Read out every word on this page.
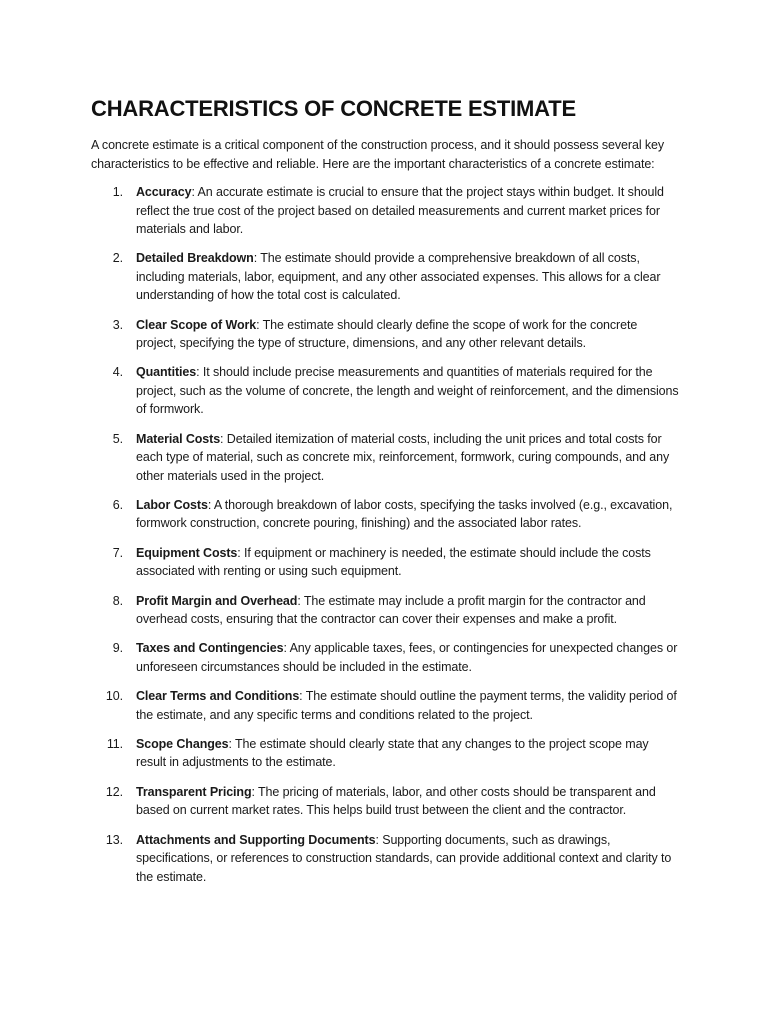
CHARACTERISTICS OF CONCRETE ESTIMATE

A concrete estimate is a critical component of the construction process, and it should possess several key characteristics to be effective and reliable. Here are the important characteristics of a concrete estimate:

1. Accuracy: An accurate estimate is crucial to ensure that the project stays within budget. It should reflect the true cost of the project based on detailed measurements and current market prices for materials and labor.
2. Detailed Breakdown: The estimate should provide a comprehensive breakdown of all costs, including materials, labor, equipment, and any other associated expenses. This allows for a clear understanding of how the total cost is calculated.
3. Clear Scope of Work: The estimate should clearly define the scope of work for the concrete project, specifying the type of structure, dimensions, and any other relevant details.
4. Quantities: It should include precise measurements and quantities of materials required for the project, such as the volume of concrete, the length and weight of reinforcement, and the dimensions of formwork.
5. Material Costs: Detailed itemization of material costs, including the unit prices and total costs for each type of material, such as concrete mix, reinforcement, formwork, curing compounds, and any other materials used in the project.
6. Labor Costs: A thorough breakdown of labor costs, specifying the tasks involved (e.g., excavation, formwork construction, concrete pouring, finishing) and the associated labor rates.
7. Equipment Costs: If equipment or machinery is needed, the estimate should include the costs associated with renting or using such equipment.
8. Profit Margin and Overhead: The estimate may include a profit margin for the contractor and overhead costs, ensuring that the contractor can cover their expenses and make a profit.
9. Taxes and Contingencies: Any applicable taxes, fees, or contingencies for unexpected changes or unforeseen circumstances should be included in the estimate.
10. Clear Terms and Conditions: The estimate should outline the payment terms, the validity period of the estimate, and any specific terms and conditions related to the project.
11. Scope Changes: The estimate should clearly state that any changes to the project scope may result in adjustments to the estimate.
12. Transparent Pricing: The pricing of materials, labor, and other costs should be transparent and based on current market rates. This helps build trust between the client and the contractor.
13. Attachments and Supporting Documents: Supporting documents, such as drawings, specifications, or references to construction standards, can provide additional context and clarity to the estimate.
